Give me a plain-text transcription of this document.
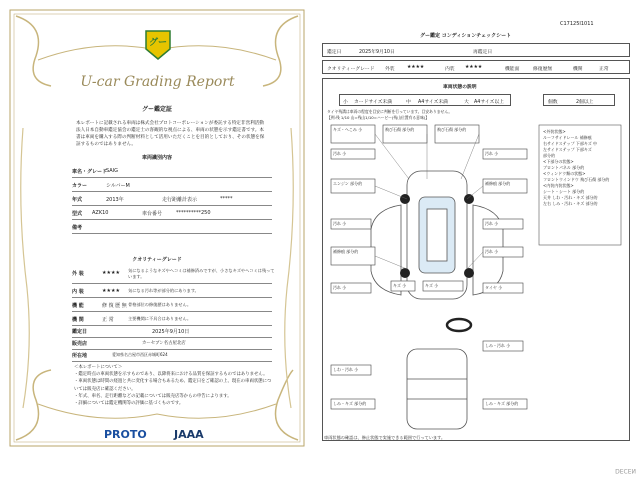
グー
U-car Grading Report
グー鑑定証
本レポートに記載される車両は株式会社プロトコーポレーションが委託する特定非営利活動法人日本自動車鑑定協会の鑑定士の客観的な視点による、車両の状態を示す鑑定書です。本書は車両を購入する際の判断材料として活用いただくことを目的としており、その状態を保証するものではありません。
車両識別内容
車名・グレード
SAIG
カラー	シルバーM
年式	2013年	走行距離計表示	*****
型式 AZK10	車台番号	**********250
備考
クオリティーグレード
外 装	★★★★ 気になるようなキズやヘコミは補修済みですが、小さなキズやヘコミは残っています。
内 装	★★★★ 気になる汚れ等が部分的にあります。
機 能	修 復 歴 無 骨格部位の修復歴はありません。
機 関	正 常	主要機関に不具合はありません。
鑑定日	2025年9月10日
販売店	カーセブン名古屋北店
所在地	愛知県名古屋市西区赤城町624
＜本レポートについて＞
・鑑定時点の車両状態を示すものであり、以降将来における品質を保証するものではありません。
・車両状態は時間の経過と共に変化する場合もあるため、鑑定日をご確認の上、現在の車両状態については販売店に確認ください。
・年式、車名、走行距離などの記載については販売店等からの申告によります。
・詳細については鑑定機関等の評価に基づくものです。
PROTO JAAA
C17125I1011
グー鑑定 コンディションチェックシート
鑑定日	2025年9月10日	再鑑定日
クオリティーグレード 外装	★★★★	内装 ★★★★	機能面	修復歴無	機関	正常
車両状態の説明
小 カードサイズ未満	中 A4サイズ未満	大 A4サイズ以上	個数	2個以上
タイヤ残溝は車両の程度を目安に判断を行っています。目安ありません。
【例:残 1/10 山=残山1/10=ハービー(残山位置有る意味)】
キズ・へこみ 小	飛び石傷 部分的	飛び石傷 部分的
汚れ 小	汚れ 小
エンジン 部分的	補修痕 部分的
汚れ 小	汚れ 小
補修痕 部分的	汚れ 小
汚れ 小	タイヤ 小
キズ 小	キズ 小
しわ・汚れ 小
しみ・汚れ 小
しみ・キズ 部分的	しみ・キズ 部分的
<外装状態>
ルーフサイドレール 補修痕
右サイドステップ 下部キズ 中
左サイドステップ 下部キズ
部分的
<下部分の状態>
ブロントパネル 部分的
<ウィンドウ類の状態>
フロントウインドウ 飛び石傷 部分的
<内装内装状態>
シート・シート 部分的
天井 しわ・汚れ・キズ 部分的
左右 しみ・汚れ・キズ 部分的
車両状態の確認は、修止状態で実施できる範囲で行っています。
DECEN
